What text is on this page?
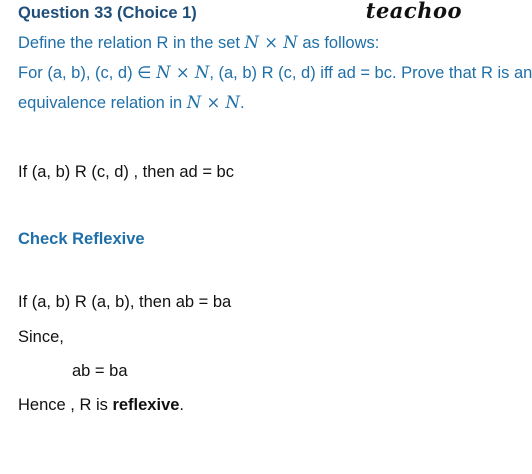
Question 33 (Choice 1)	teachoo
Define the relation R in the set N × N as follows:
For (a, b), (c, d) ∈ N × N, (a, b) R (c, d) iff ad = bc. Prove that R is an
equivalence relation in N × N.
If (a, b) R (c, d) , then ad = bc
Check Reflexive
If (a, b) R (a, b), then ab = ba
Since,
ab = ba
Hence , R is reflexive.
